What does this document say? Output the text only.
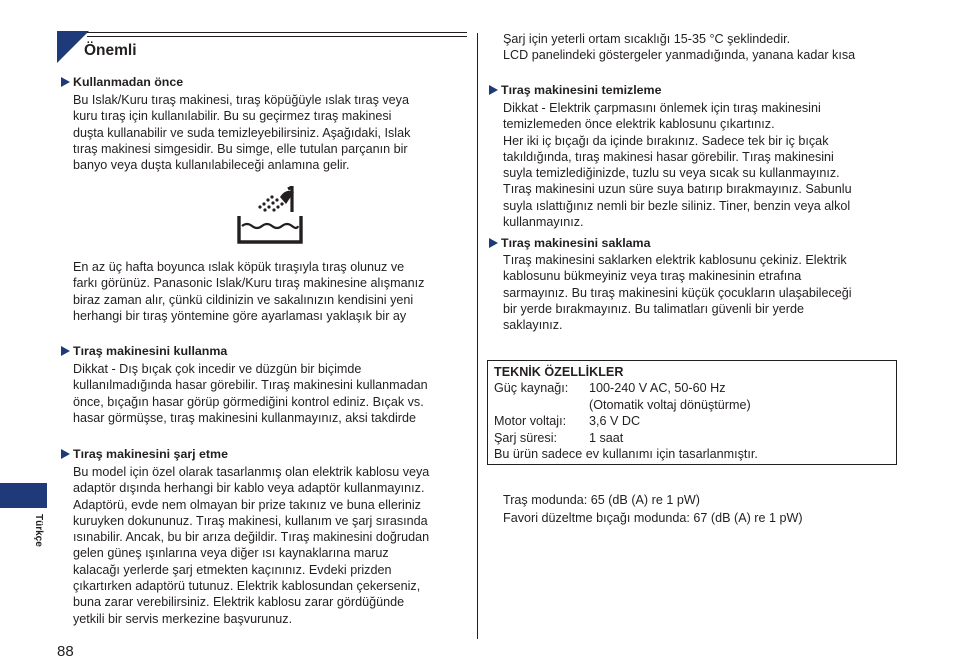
Önemli
Kullanmadan önce
Bu Islak/Kuru tıraş makinesi, tıraş köpüğüyle ıslak tıraş veya
kuru tıraş için kullanılabilir. Bu su geçirmez tıraş makinesi
duşta kullanabilir ve suda temizleyebilirsiniz. Aşağıdaki, Islak
tıraş makinesi simgesidir. Bu simge, elle tutulan parçanın bir
banyo veya duşta kullanılabileceği anlamına gelir.
En az üç hafta boyunca ıslak köpük tıraşıyla tıraş olunuz ve
farkı görünüz. Panasonic Islak/Kuru tıraş makinesine alışmanız
biraz zaman alır, çünkü cildinizin ve sakalınızın kendisini yeni
herhangi bir tıraş yöntemine göre ayarlaması yaklaşık bir ay
Tıraş makinesini kullanma
Dikkat - Dış bıçak çok incedir ve düzgün bir biçimde
kullanılmadığında hasar görebilir. Tıraş makinesini kullanmadan
önce, bıçağın hasar görüp görmediğini kontrol ediniz. Bıçak vs.
hasar görmüşse, tıraş makinesini kullanmayınız, aksi takdirde
Tıraş makinesini şarj etme
Bu model için özel olarak tasarlanmış olan elektrik kablosu veya
adaptör dışında herhangi bir kablo veya adaptör kullanmayınız.
Adaptörü, evde nem olmayan bir prize takınız ve buna elleriniz
kuruyken dokununuz. Tıraş makinesi, kullanım ve şarj sırasında
ısınabilir. Ancak, bu bir arıza değildir. Tıraş makinesini doğrudan
gelen güneş ışınlarına veya diğer ısı kaynaklarına maruz
kalacağı yerlerde şarj etmekten kaçınınız. Evdeki prizden
çıkartırken adaptörü tutunuz. Elektrik kablosundan çekerseniz,
buna zarar verebilirsiniz. Elektrik kablosu zarar gördüğünde
yetkili bir servis merkezine başvurunuz.
Şarj için yeterli ortam sıcaklığı 15-35 °C şeklindedir.
LCD panelindeki göstergeler yanmadığında, yanana kadar kısa
Tıraş makinesini temizleme
Dikkat - Elektrik çarpmasını önlemek için tıraş makinesini
temizlemeden önce elektrik kablosunu çıkartınız.
Her iki iç bıçağı da içinde bırakınız. Sadece tek bir iç bıçak
takıldığında, tıraş makinesi hasar görebilir. Tıraş makinesini
suyla temizlediğinizde, tuzlu su veya sıcak su kullanmayınız.
Tıraş makinesini uzun süre suya batırıp bırakmayınız. Sabunlu
suyla ıslattığınız nemli bir bezle siliniz. Tiner, benzin veya alkol
kullanmayınız.
Tıraş makinesini saklama
Tıraş makinesini saklarken elektrik kablosunu çekiniz. Elektrik
kablosunu bükmeyiniz veya tıraş makinesinin etrafına
sarmayınız. Bu tıraş makinesini küçük çocukların ulaşabileceği
bir yerde bırakmayınız. Bu talimatları güvenli bir yerde
saklayınız.
TEKNİK ÖZELLİKLER
Güç kaynağı:	100-240 V AC, 50-60 Hz
(Otomatik voltaj dönüştürme)
Motor voltajı:	3,6 V DC
Şarj süresi:	1 saat
Bu ürün sadece ev kullanımı için tasarlanmıştır.
Traş modunda: 65 (dB (A) re 1 pW)
Favori düzeltme bıçağı modunda: 67 (dB (A) re 1 pW)
Türkçe
88
